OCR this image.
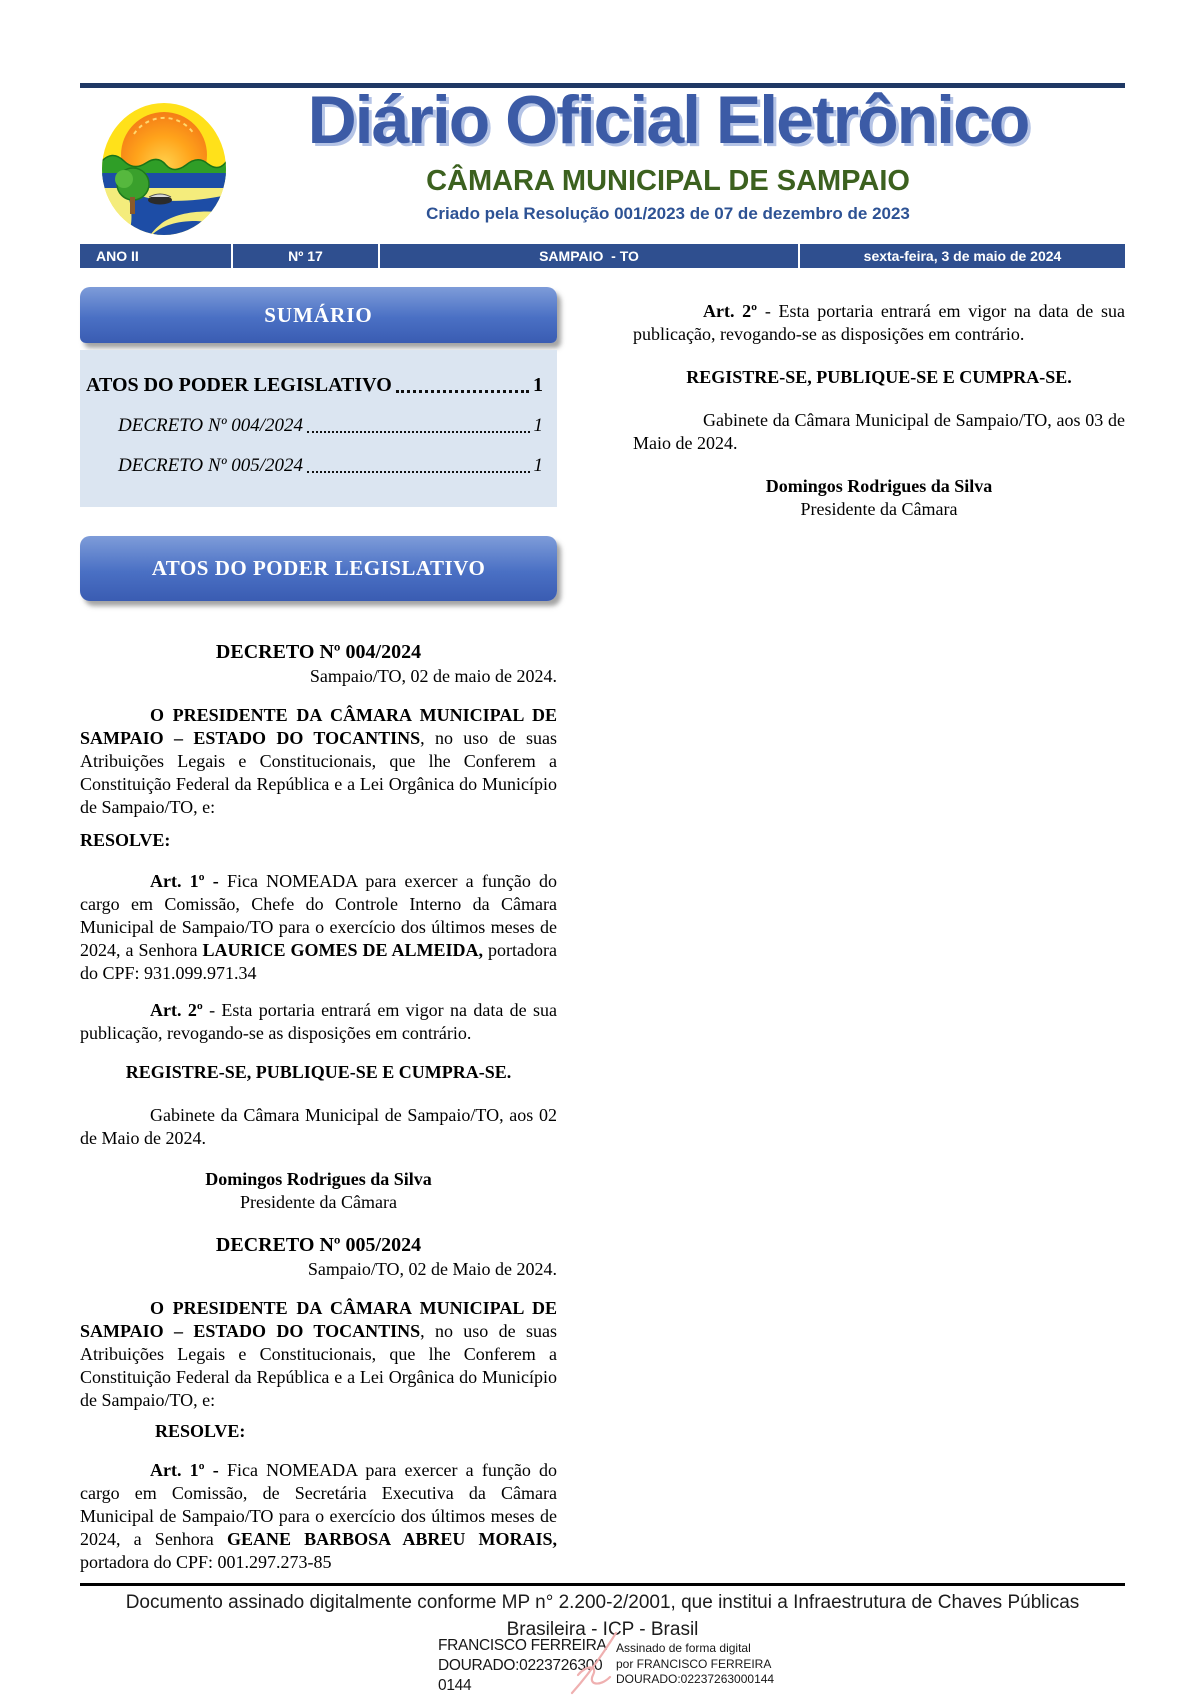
Diário Oficial Eletrônico
CÂMARA MUNICIPAL DE SAMPAIO
Criado pela Resolução 001/2023 de 07 de dezembro de 2023
ANO II	Nº 17	SAMPAIO  - TO	sexta-feira, 3 de maio de 2024
SUMÁRIO
ATOS DO PODER LEGISLATIVO	1
DECRETO Nº 004/2024	1
DECRETO Nº 005/2024	1
ATOS DO PODER LEGISLATIVO
DECRETO Nº 004/2024

Sampaio/TO, 02 de maio de 2024.

O PRESIDENTE DA CÂMARA MUNICIPAL DE SAMPAIO – ESTADO DO TOCANTINS, no uso de suas Atribuições Legais e Constitucionais, que lhe Conferem a Constituição Federal da República e a Lei Orgânica do Município de Sampaio/TO, e:

RESOLVE:

Art. 1º - Fica NOMEADA para exercer a função do cargo em Comissão, Chefe do Controle Interno da Câmara Municipal de Sampaio/TO para o exercício dos últimos meses de 2024, a Senhora LAURICE GOMES DE ALMEIDA, portadora do CPF: 931.099.971.34

Art. 2º - Esta portaria entrará em vigor na data de sua publicação, revogando-se as disposições em contrário.

REGISTRE-SE, PUBLIQUE-SE E CUMPRA-SE.

Gabinete da Câmara Municipal de Sampaio/TO, aos 02 de Maio de 2024.

Domingos Rodrigues da Silva

Presidente da Câmara

DECRETO Nº 005/2024

Sampaio/TO, 02 de Maio de 2024.

O PRESIDENTE DA CÂMARA MUNICIPAL DE SAMPAIO – ESTADO DO TOCANTINS, no uso de suas Atribuições Legais e Constitucionais, que lhe Conferem a Constituição Federal da República e a Lei Orgânica do Município de Sampaio/TO, e:

RESOLVE:

Art. 1º - Fica NOMEADA para exercer a função do cargo em Comissão, de Secretária Executiva da Câmara Municipal de Sampaio/TO para o exercício dos últimos meses de 2024, a Senhora GEANE BARBOSA ABREU MORAIS, portadora do CPF: 001.297.273-85

Art. 2º - Esta portaria entrará em vigor na data de sua publicação, revogando-se as disposições em contrário.

REGISTRE-SE, PUBLIQUE-SE E CUMPRA-SE.

Gabinete da Câmara Municipal de Sampaio/TO, aos 03 de Maio de 2024.

Domingos Rodrigues da Silva

Presidente da Câmara

Documento assinado digitalmente conforme MP n° 2.200-2/2001, que institui a Infraestrutura de Chaves Públicas
Brasileira - ICP - Brasil
FRANCISCO FERREIRA
DOURADO:0223726300
0144
Assinado de forma digital
por FRANCISCO FERREIRA
DOURADO:02237263000144
